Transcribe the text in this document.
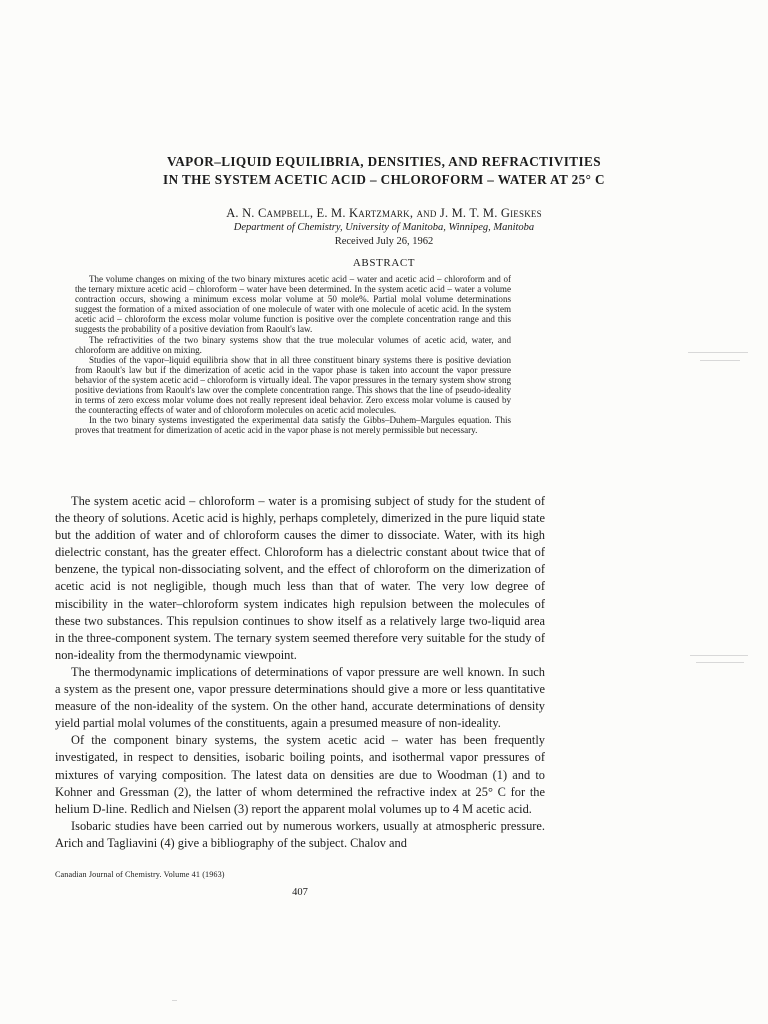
VAPOR–LIQUID EQUILIBRIA, DENSITIES, AND REFRACTIVITIES
IN THE SYSTEM ACETIC ACID – CHLOROFORM – WATER AT 25° C
A. N. Campbell, E. M. Kartzmark, and J. M. T. M. Gieskes
Department of Chemistry, University of Manitoba, Winnipeg, Manitoba
Received July 26, 1962
ABSTRACT

The volume changes on mixing of the two binary mixtures acetic acid – water and acetic acid – chloroform and of the ternary mixture acetic acid – chloroform – water have been determined. In the system acetic acid – water a volume contraction occurs, showing a minimum excess molar volume at 50 mole%. Partial molal volume determinations suggest the formation of a mixed association of one molecule of water with one molecule of acetic acid. In the system acetic acid – chloroform the excess molar volume function is positive over the complete concentration range and this suggests the probability of a positive deviation from Raoult's law.

The refractivities of the two binary systems show that the true molecular volumes of acetic acid, water, and chloroform are additive on mixing.

Studies of the vapor–liquid equilibria show that in all three constituent binary systems there is positive deviation from Raoult's law but if the dimerization of acetic acid in the vapor phase is taken into account the vapor pressure behavior of the system acetic acid – chloroform is virtually ideal. The vapor pressures in the ternary system show strong positive deviations from Raoult's law over the complete concentration range. This shows that the line of pseudo-ideality in terms of zero excess molar volume does not really represent ideal behavior. Zero excess molar volume is caused by the counteracting effects of water and of chloroform molecules on acetic acid molecules.

In the two binary systems investigated the experimental data satisfy the Gibbs–Duhem–Margules equation. This proves that treatment for dimerization of acetic acid in the vapor phase is not merely permissible but necessary.

The system acetic acid – chloroform – water is a promising subject of study for the student of the theory of solutions. Acetic acid is highly, perhaps completely, dimerized in the pure liquid state but the addition of water and of chloroform causes the dimer to dissociate. Water, with its high dielectric constant, has the greater effect. Chloroform has a dielectric constant about twice that of benzene, the typical non-dissociating solvent, and the effect of chloroform on the dimerization of acetic acid is not negligible, though much less than that of water. The very low degree of miscibility in the water–chloroform system indicates high repulsion between the molecules of these two substances. This repulsion continues to show itself as a relatively large two-liquid area in the three-component system. The ternary system seemed therefore very suitable for the study of non-ideality from the thermodynamic viewpoint.

The thermodynamic implications of determinations of vapor pressure are well known. In such a system as the present one, vapor pressure determinations should give a more or less quantitative measure of the non-ideality of the system. On the other hand, accurate determinations of density yield partial molal volumes of the constituents, again a presumed measure of non-ideality.

Of the component binary systems, the system acetic acid – water has been frequently investigated, in respect to densities, isobaric boiling points, and isothermal vapor pressures of mixtures of varying composition. The latest data on densities are due to Woodman (1) and to Kohner and Gressman (2), the latter of whom determined the refractive index at 25° C for the helium D-line. Redlich and Nielsen (3) report the apparent molal volumes up to 4 M acetic acid.

Isobaric studies have been carried out by numerous workers, usually at atmospheric pressure. Arich and Tagliavini (4) give a bibliography of the subject. Chalov and

Canadian Journal of Chemistry. Volume 41 (1963)
407
